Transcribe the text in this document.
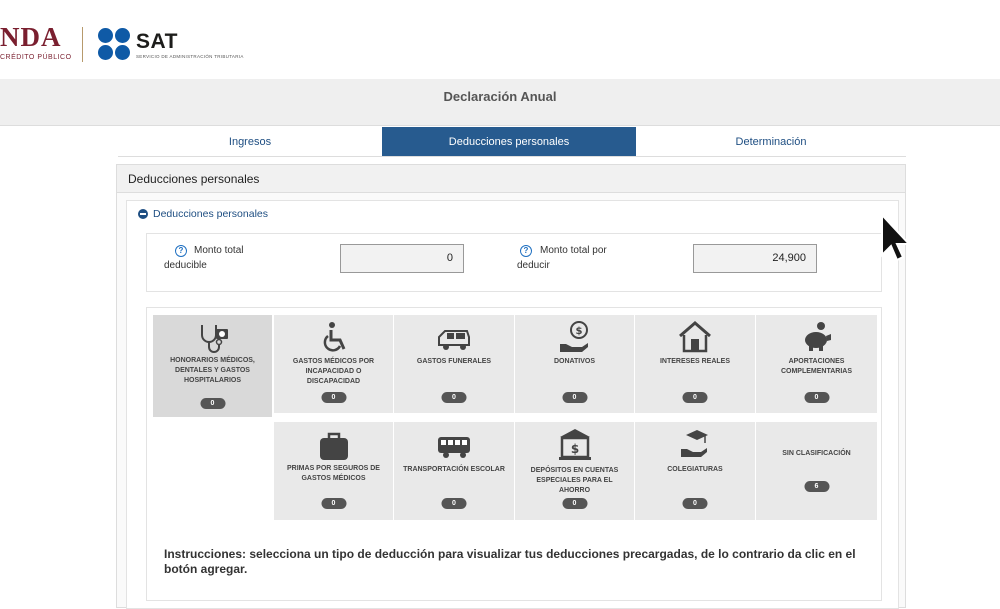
NDA
CRÉDITO PÚBLICO
SAT
SERVICIO DE ADMINISTRACIÓN TRIBUTARIA
Declaración Anual
Ingresos	Deducciones personales	Determinación
Deducciones personales
Deducciones personales
?	Monto total
deducible
0
?	Monto total por
deducir
24,900
HONORARIOS MÉDICOS, DENTALES Y GASTOS HOSPITALARIOS
0
GASTOS MÉDICOS POR INCAPACIDAD O DISCAPACIDAD
0
GASTOS FUNERALES
0
$
DONATIVOS
0
INTERESES REALES
0
APORTACIONES COMPLEMENTARIAS
0
PRIMAS POR SEGUROS DE GASTOS MÉDICOS
0
TRANSPORTACIÓN ESCOLAR
0
$
DEPÓSITOS EN CUENTAS ESPECIALES PARA EL AHORRO
0
COLEGIATURAS
0
SIN CLASIFICACIÓN
6
Instrucciones: selecciona un tipo de deducción para visualizar tus deducciones precargadas, de lo contrario da clic en el botón agregar.
